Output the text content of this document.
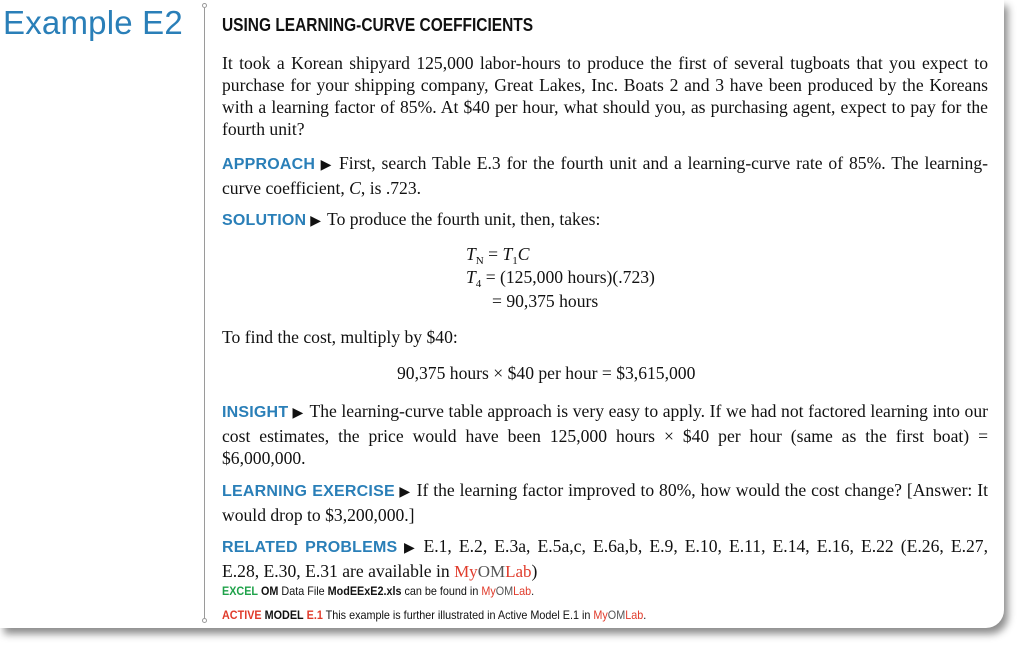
Example E2 USING LEARNING-CURVE COEFFICIENTS
It took a Korean shipyard 125,000 labor-hours to produce the first of several tugboats that you expect to purchase for your shipping company, Great Lakes, Inc. Boats 2 and 3 have been produced by the Koreans with a learning factor of 85%. At $40 per hour, what should you, as purchasing agent, expect to pay for the fourth unit?
APPROACH ▶ First, search Table E.3 for the fourth unit and a learning-curve rate of 85%. The learning-curve coefficient, C, is .723.
SOLUTION ▶ To produce the fourth unit, then, takes:
$T_N = T_1C$
$T_4 = (125,000$ hours)(.723)
= 90,375 hours
To find the cost, multiply by $40:
90,375 hours × $40 per hour = $3,615,000
INSIGHT ▶ The learning-curve table approach is very easy to apply. If we had not factored learning into our cost estimates, the price would have been 125,000 hours × $40 per hour (same as the first boat) = $6,000,000.
LEARNING EXERCISE ▶ If the learning factor improved to 80%, how would the cost change? [Answer: It would drop to $3,200,000.]
RELATED PROBLEMS ▶ E.1, E.2, E.3a, E.5a,c, E.6a,b, E.9, E.10, E.11, E.14, E.16, E.22 (E.26, E.27, E.28, E.30, E.31 are available in MyOMLab)
EXCEL OM Data File ModEExE2.xls can be found in MyOMLab.
ACTIVE MODEL E.1 This example is further illustrated in Active Model E.1 in MyOMLab.
